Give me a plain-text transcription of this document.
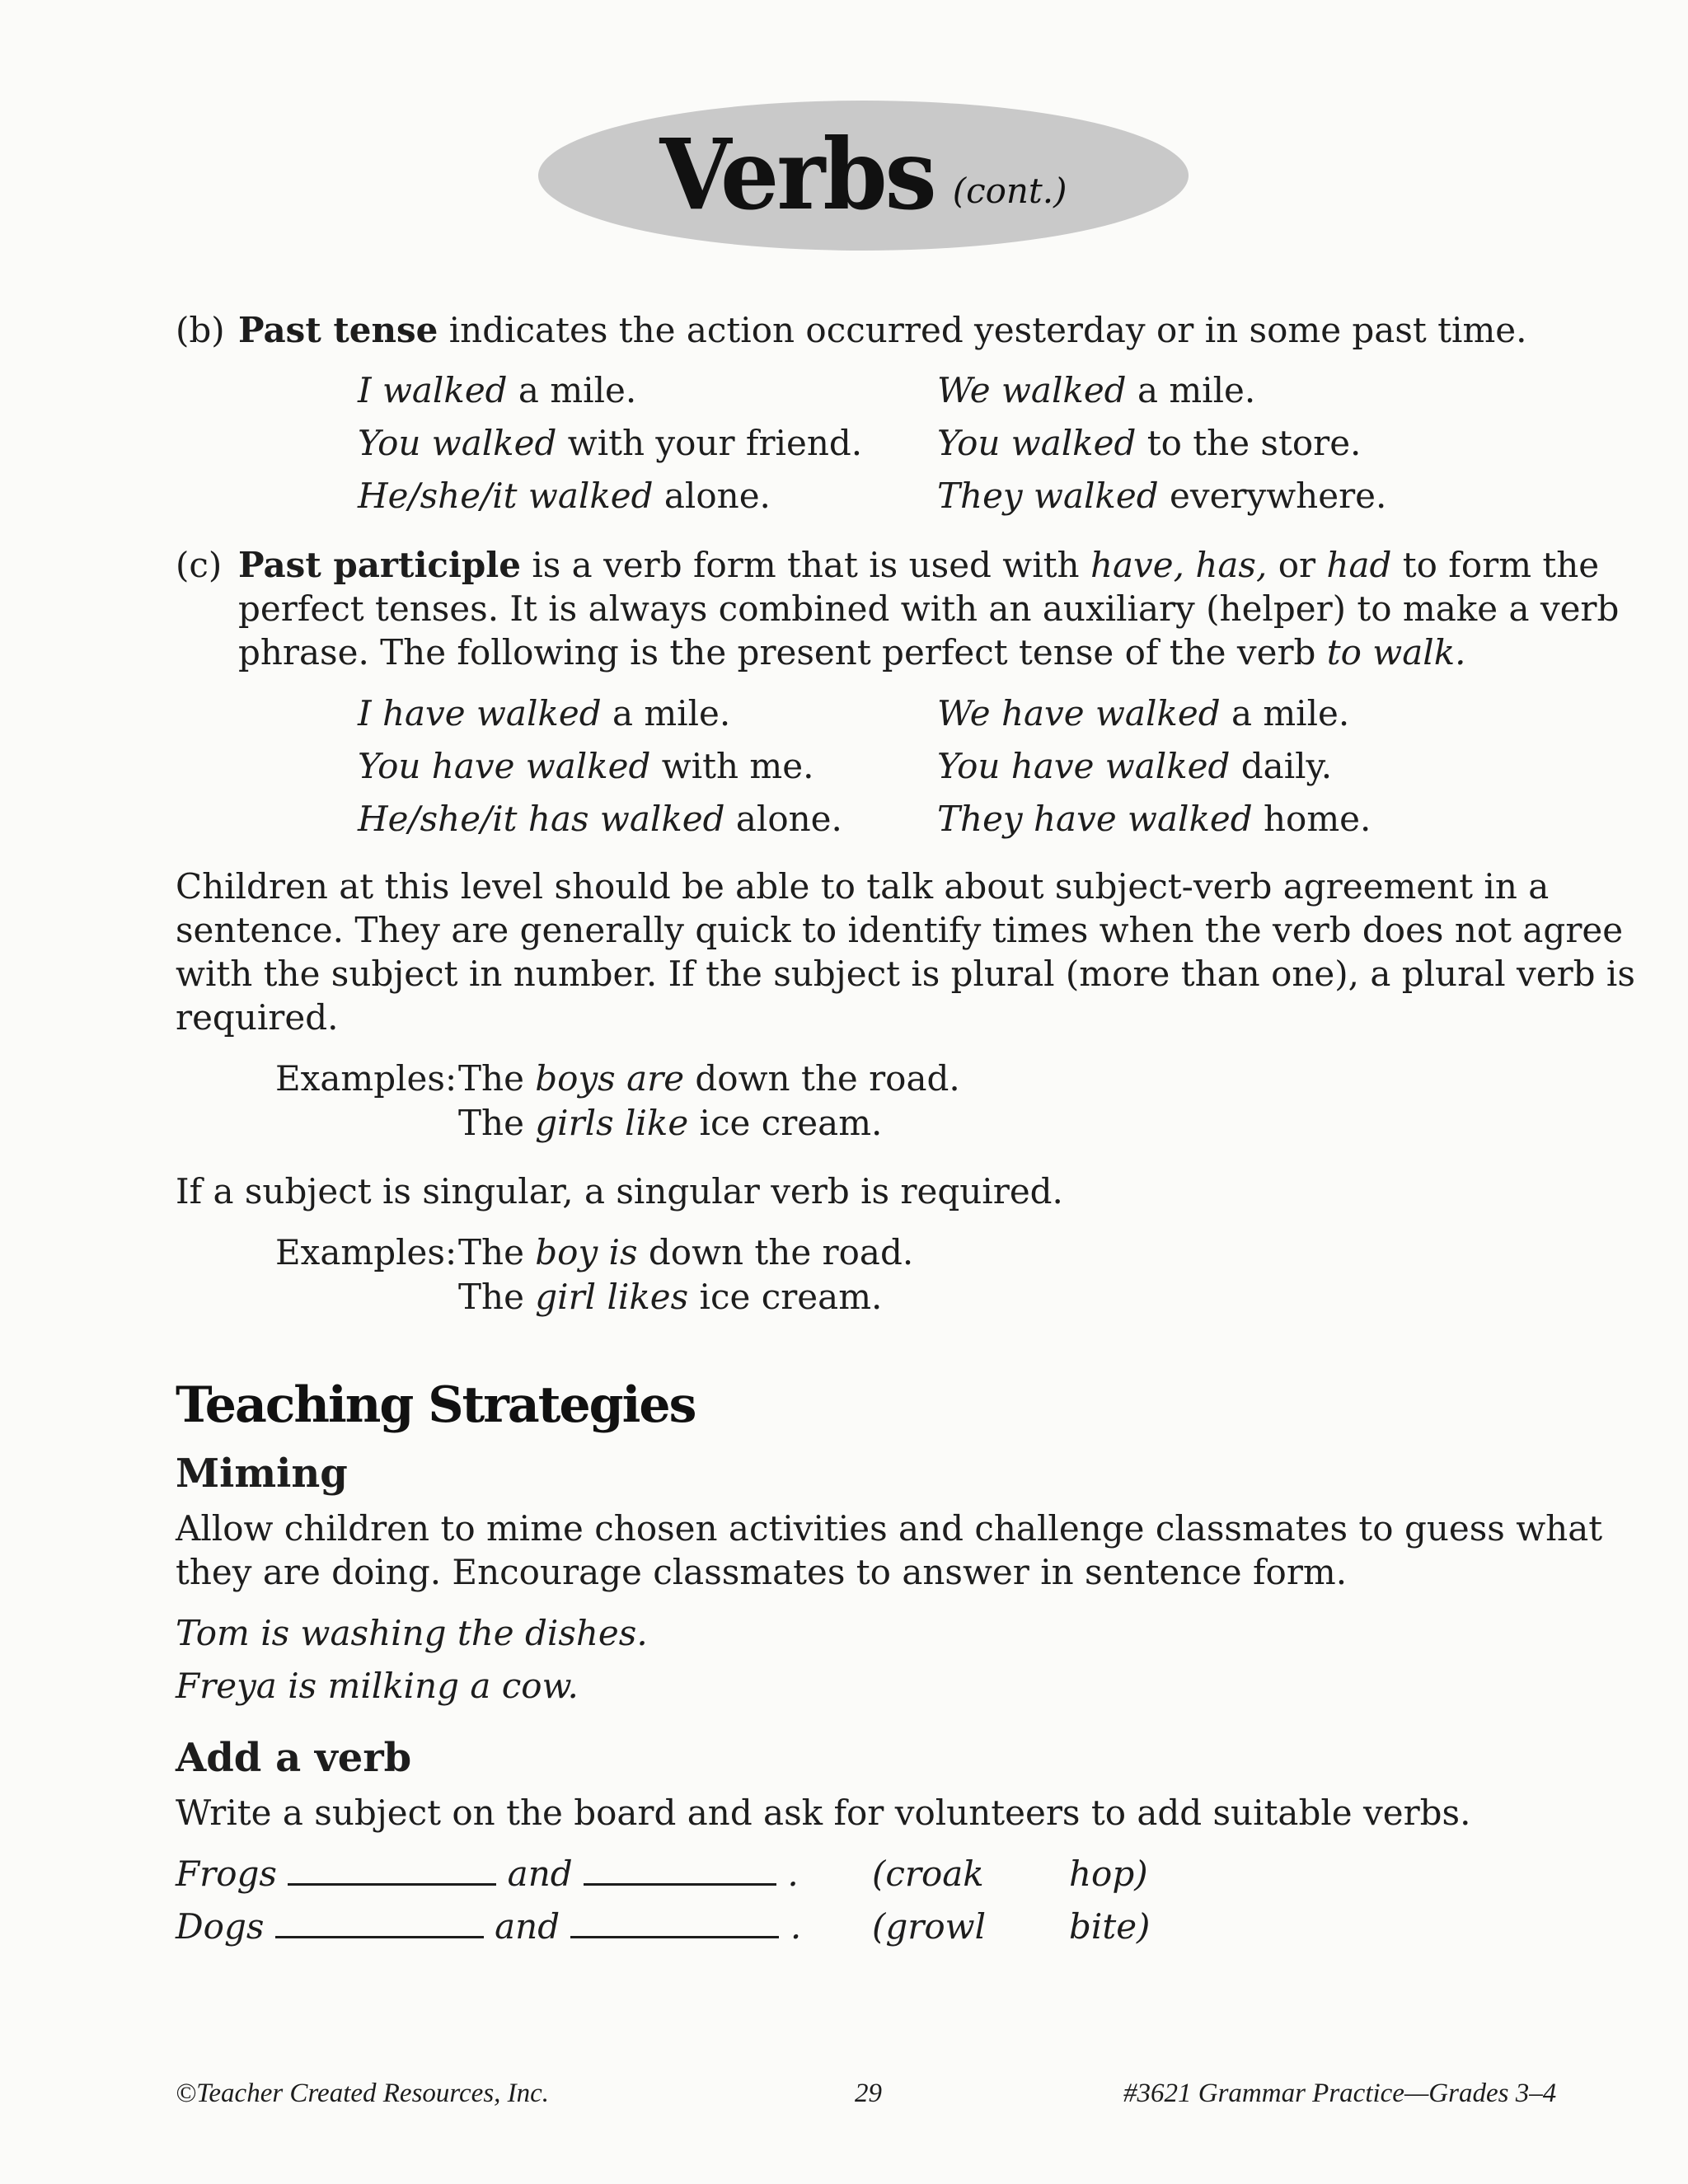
Verbs (cont.)
(b) Past tense indicates the action occurred yesterday or in some past time.
I walked a mile.	We walked a mile.
You walked with your friend. You walked to the store.
He/she/it walked alone.	They walked everywhere.
(c) Past participle is a verb form that is used with have, has, or had to form the
perfect tenses. It is always combined with an auxiliary (helper) to make a verb
phrase. The following is the present perfect tense of the verb to walk.
I have walked a mile.	We have walked a mile.
You have walked with me.	You have walked daily.
He/she/it has walked alone.	They have walked home.
Children at this level should be able to talk about subject-verb agreement in a
sentence. They are generally quick to identify times when the verb does not agree
with the subject in number. If the subject is plural (more than one), a plural verb is
required.
Examples: The boys are down the road.
The girls like ice cream.
If a subject is singular, a singular verb is required.
Examples: The boy is down the road.
The girl likes ice cream.
Teaching Strategies
Miming
Allow children to mime chosen activities and challenge classmates to guess what
they are doing. Encourage classmates to answer in sentence form.
Tom is washing the dishes.
Freya is milking a cow.
Add a verb
Write a subject on the board and ask for volunteers to add suitable verbs.
Frogs	and	. (croak hop)
Dogs	and	. (growl bite)
©Teacher Created Resources, Inc.	29	#3621 Grammar Practice—Grades 3–4
